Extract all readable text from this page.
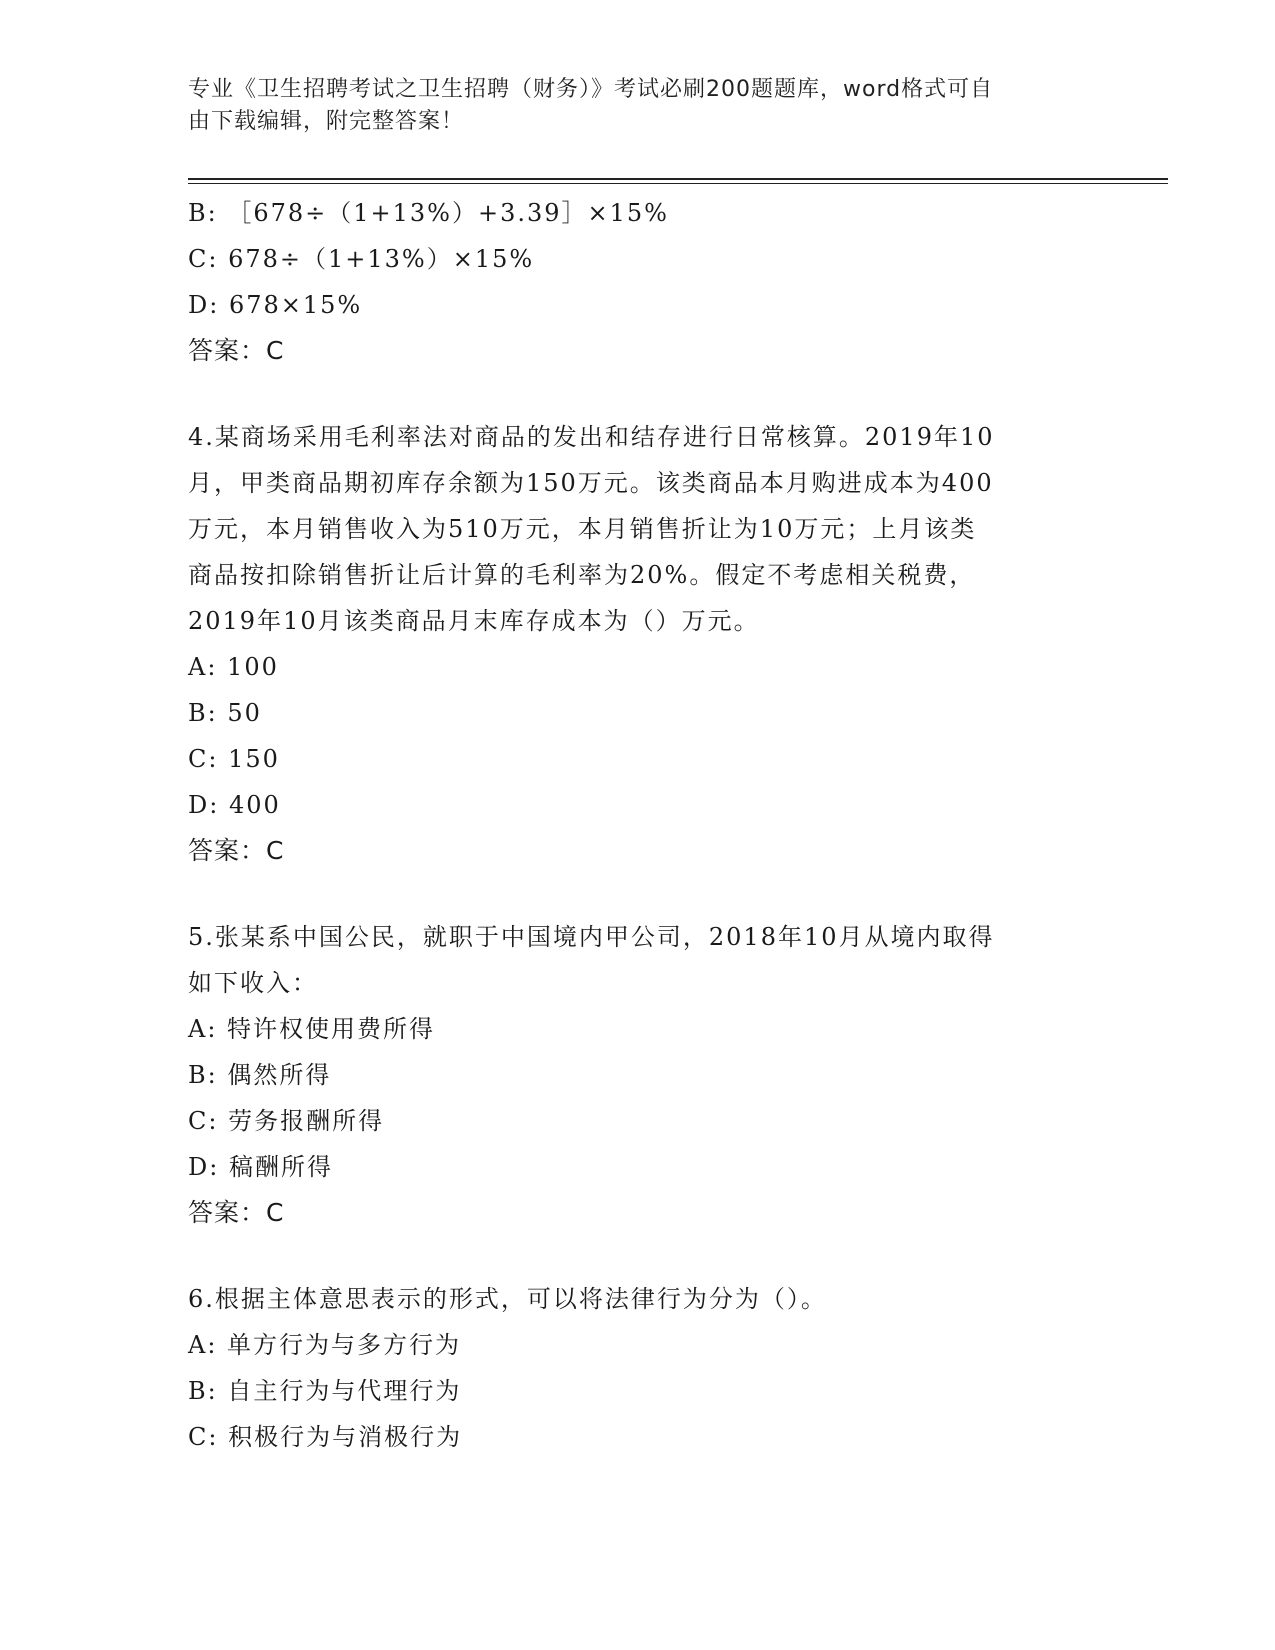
专业《卫生招聘考试之卫生招聘（财务）》考试必刷200题题库，word格式可自
由下载编辑，附完整答案！
B: ［678÷（1+13%）+3.39］×15%
C: 678÷（1+13%）×15%
D: 678×15%
答案：C
4.某商场采用毛利率法对商品的发出和结存进行日常核算。2019年10
月，甲类商品期初库存余额为150万元。该类商品本月购进成本为400
万元，本月销售收入为510万元，本月销售折让为10万元；上月该类
商品按扣除销售折让后计算的毛利率为20%。假定不考虑相关税费，
2019年10月该类商品月末库存成本为（）万元。
A: 100
B: 50
C: 150
D: 400
答案：C
5.张某系中国公民，就职于中国境内甲公司，2018年10月从境内取得
如下收入：
A: 特许权使用费所得
B: 偶然所得
C: 劳务报酬所得
D: 稿酬所得
答案：C
6.根据主体意思表示的形式，可以将法律行为分为（）。
A: 单方行为与多方行为
B: 自主行为与代理行为
C: 积极行为与消极行为
